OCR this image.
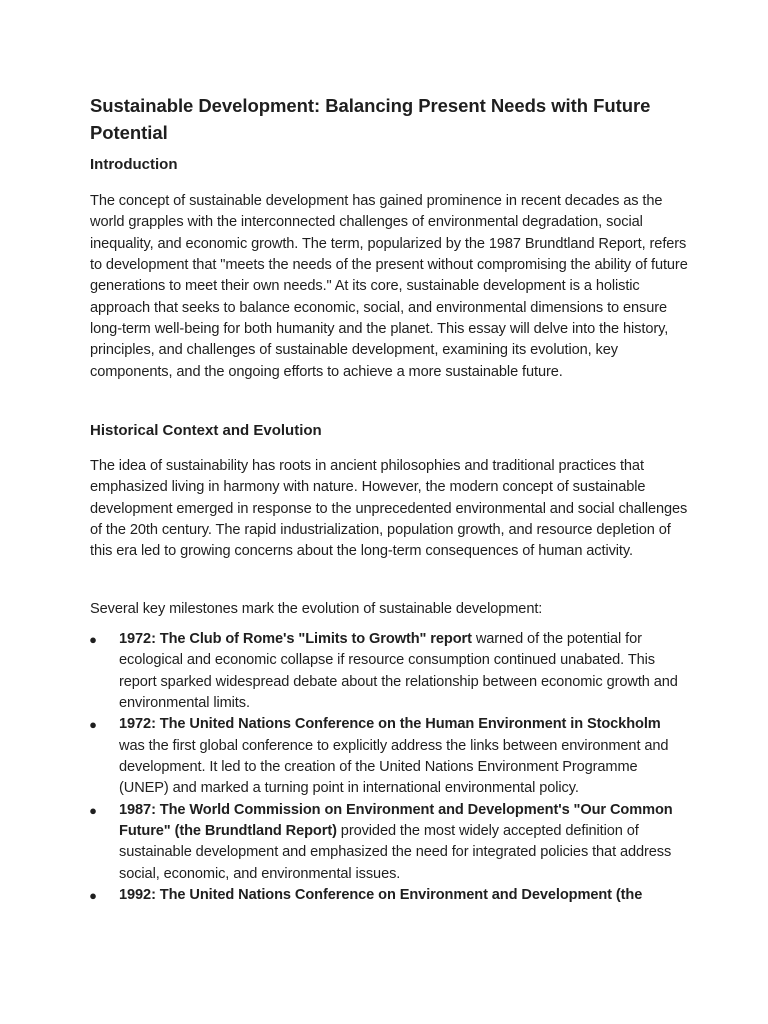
Sustainable Development: Balancing Present Needs with Future Potential
Introduction

The concept of sustainable development has gained prominence in recent decades as the world grapples with the interconnected challenges of environmental degradation, social inequality, and economic growth. The term, popularized by the 1987 Brundtland Report, refers to development that "meets the needs of the present without compromising the ability of future generations to meet their own needs." At its core, sustainable development is a holistic approach that seeks to balance economic, social, and environmental dimensions to ensure long-term well-being for both humanity and the planet. This essay will delve into the history, principles, and challenges of sustainable development, examining its evolution, key components, and the ongoing efforts to achieve a more sustainable future.

Historical Context and Evolution

The idea of sustainability has roots in ancient philosophies and traditional practices that emphasized living in harmony with nature. However, the modern concept of sustainable development emerged in response to the unprecedented environmental and social challenges of the 20th century. The rapid industrialization, population growth, and resource depletion of this era led to growing concerns about the long-term consequences of human activity.

Several key milestones mark the evolution of sustainable development:

● 1972: The Club of Rome's "Limits to Growth" report warned of the potential for ecological and economic collapse if resource consumption continued unabated. This report sparked widespread debate about the relationship between economic growth and environmental limits.
● 1972: The United Nations Conference on the Human Environment in Stockholm was the first global conference to explicitly address the links between environment and development. It led to the creation of the United Nations Environment Programme (UNEP) and marked a turning point in international environmental policy.
● 1987: The World Commission on Environment and Development's "Our Common Future" (the Brundtland Report) provided the most widely accepted definition of sustainable development and emphasized the need for integrated policies that address social, economic, and environmental issues.
● 1992: The United Nations Conference on Environment and Development (the
